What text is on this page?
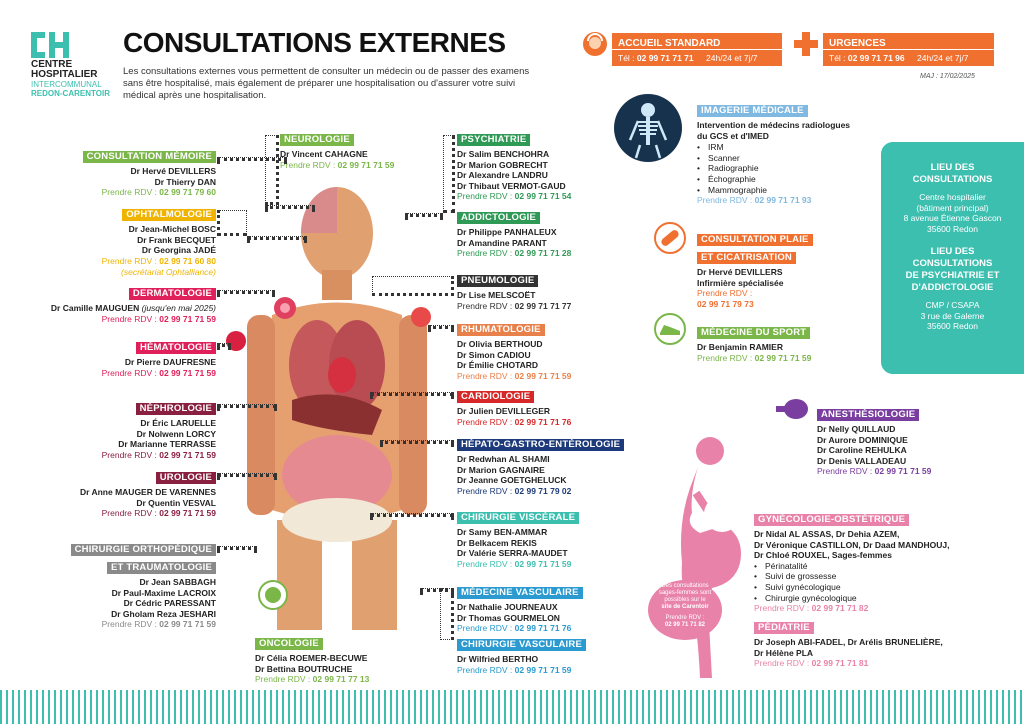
CENTRE
HOSPITALIER
INTERCOMMUNAL
REDON-CARENTOIR
CONSULTATIONS EXTERNES
Les consultations externes vous permettent de consulter un médecin ou de passer des examens sans être hospitalisé, mais également de préparer une hospitalisation ou d'assurer votre suivi médical après une hospitalisation.
ACCUEIL STANDARD
Tél : 02 99 71 71 71 24h/24 et 7j/7
URGENCES
Tél : 02 99 71 71 96 24h/24 et 7j/7
MAJ : 17/02/2025
CONSULTATION MÉMOIRE
Dr Hervé DEVILLERS
Dr Thierry DAN
Prendre RDV : 02 99 71 79 60
OPHTALMOLOGIE
Dr Jean-Michel BOSC
Dr Frank BECQUET
Dr Georgina JADÉ
Prendre RDV : 02 99 71 60 80
(secrétariat Ophtalliance)
DERMATOLOGIE
Dr Camille MAUGUEN (jusqu'en mai 2025)
Prendre RDV : 02 99 71 71 59
HÉMATOLOGIE
Dr Pierre DAUFRESNE
Prendre RDV : 02 99 71 71 59
NÉPHROLOGIE
Dr Éric LARUELLE
Dr Nolwenn LORCY
Dr Marianne TERRASSE
Prendre RDV : 02 99 71 71 59
UROLOGIE
Dr Anne MAUGER DE VARENNES
Dr Quentin VESVAL
Prendre RDV : 02 99 71 71 59
CHIRURGIE ORTHOPÉDIQUE
ET TRAUMATOLOGIE
Dr Jean SABBAGH
Dr Paul-Maxime LACROIX
Dr Cédric PARESSANT
Dr Gholam Reza JESHARI
Prendre RDV : 02 99 71 71 59
NEUROLOGIE
Dr Vincent CAHAGNE
Prendre RDV : 02 99 71 71 59
ONCOLOGIE
Dr Célia ROEMER-BECUWE
Dr Bettina BOUTRUCHE
Prendre RDV : 02 99 71 77 13
PSYCHIATRIE
Dr Salim BENCHOHRA
Dr Marion GOBRECHT
Dr Alexandre LANDRU
Dr Thibaut VERMOT-GAUD
Prendre RDV : 02 99 71 71 54
ADDICTOLOGIE
Dr Philippe PANHALEUX
Dr Amandine PARANT
Prendre RDV : 02 99 71 71 28
PNEUMOLOGIE
Dr Lise MELSCOËT
Prendre RDV : 02 99 71 71 77
RHUMATOLOGIE
Dr Olivia BERTHOUD
Dr Simon CADIOU
Dr Émilie CHOTARD
Prendre RDV : 02 99 71 71 59
CARDIOLOGIE
Dr Julien DEVILLEGER
Prendre RDV : 02 99 71 71 76
HÉPATO-GASTRO-ENTÉROLOGIE
Dr Redwhan AL SHAMI
Dr Marion GAGNAIRE
Dr Jeanne GOETGHELUCK
Prendre RDV : 02 99 71 79 02
CHIRURGIE VISCÉRALE
Dr Samy BEN-AMMAR
Dr Belkacem REKIS
Dr Valérie SERRA-MAUDET
Prendre RDV : 02 99 71 71 59
MÉDECINE VASCULAIRE
Dr Nathalie JOURNEAUX
Dr Thomas GOURMELON
Prendre RDV : 02 99 71 71 76
CHIRURGIE VASCULAIRE
Dr Wilfried BERTHO
Prendre RDV : 02 99 71 71 59
IMAGERIE MÉDICALE
Intervention de médecins radiologues
du GCS et d'IMED
• IRM
• Scanner
• Radiographie
• Échographie
• Mammographie
Prendre RDV : 02 99 71 71 93
CONSULTATION PLAIE
ET CICATRISATION
Dr Hervé DEVILLERS
Infirmière spécialisée
Prendre RDV :
02 99 71 79 73
MÉDECINE DU SPORT
Dr Benjamin RAMIER
Prendre RDV : 02 99 71 71 59
LIEU DES
CONSULTATIONS
Centre hospitalier
(bâtiment principal)
8 avenue Étienne Gascon
35600 Redon
LIEU DES
CONSULTATIONS
DE PSYCHIATRIE ET
D'ADDICTOLOGIE
CMP / CSAPA
3 rue de Galerne
35600 Redon
ANESTHÉSIOLOGIE
Dr Nelly QUILLAUD
Dr Aurore DOMINIQUE
Dr Caroline REHULKA
Dr Denis VALLADEAU
Prendre RDV : 02 99 71 71 59
Des consultations
sages-femmes sont
possibles sur le
site de Carentoir
Prendre RDV :
02 99 71 71 82
GYNÉCOLOGIE-OBSTÉTRIQUE
Dr Nidal AL ASSAS, Dr Dehia AZEM,
Dr Véronique CASTILLON, Dr Daad MANDHOUJ,
Dr Chloé ROUXEL, Sages-femmes
• Périnatalité
• Suivi de grossesse
• Suivi gynécologique
• Chirurgie gynécologique
Prendre RDV : 02 99 71 71 82
PÉDIATRIE
Dr Joseph ABI-FADEL, Dr Arélis BRUNELIÈRE,
Dr Hélène PLA
Prendre RDV : 02 99 71 71 81
